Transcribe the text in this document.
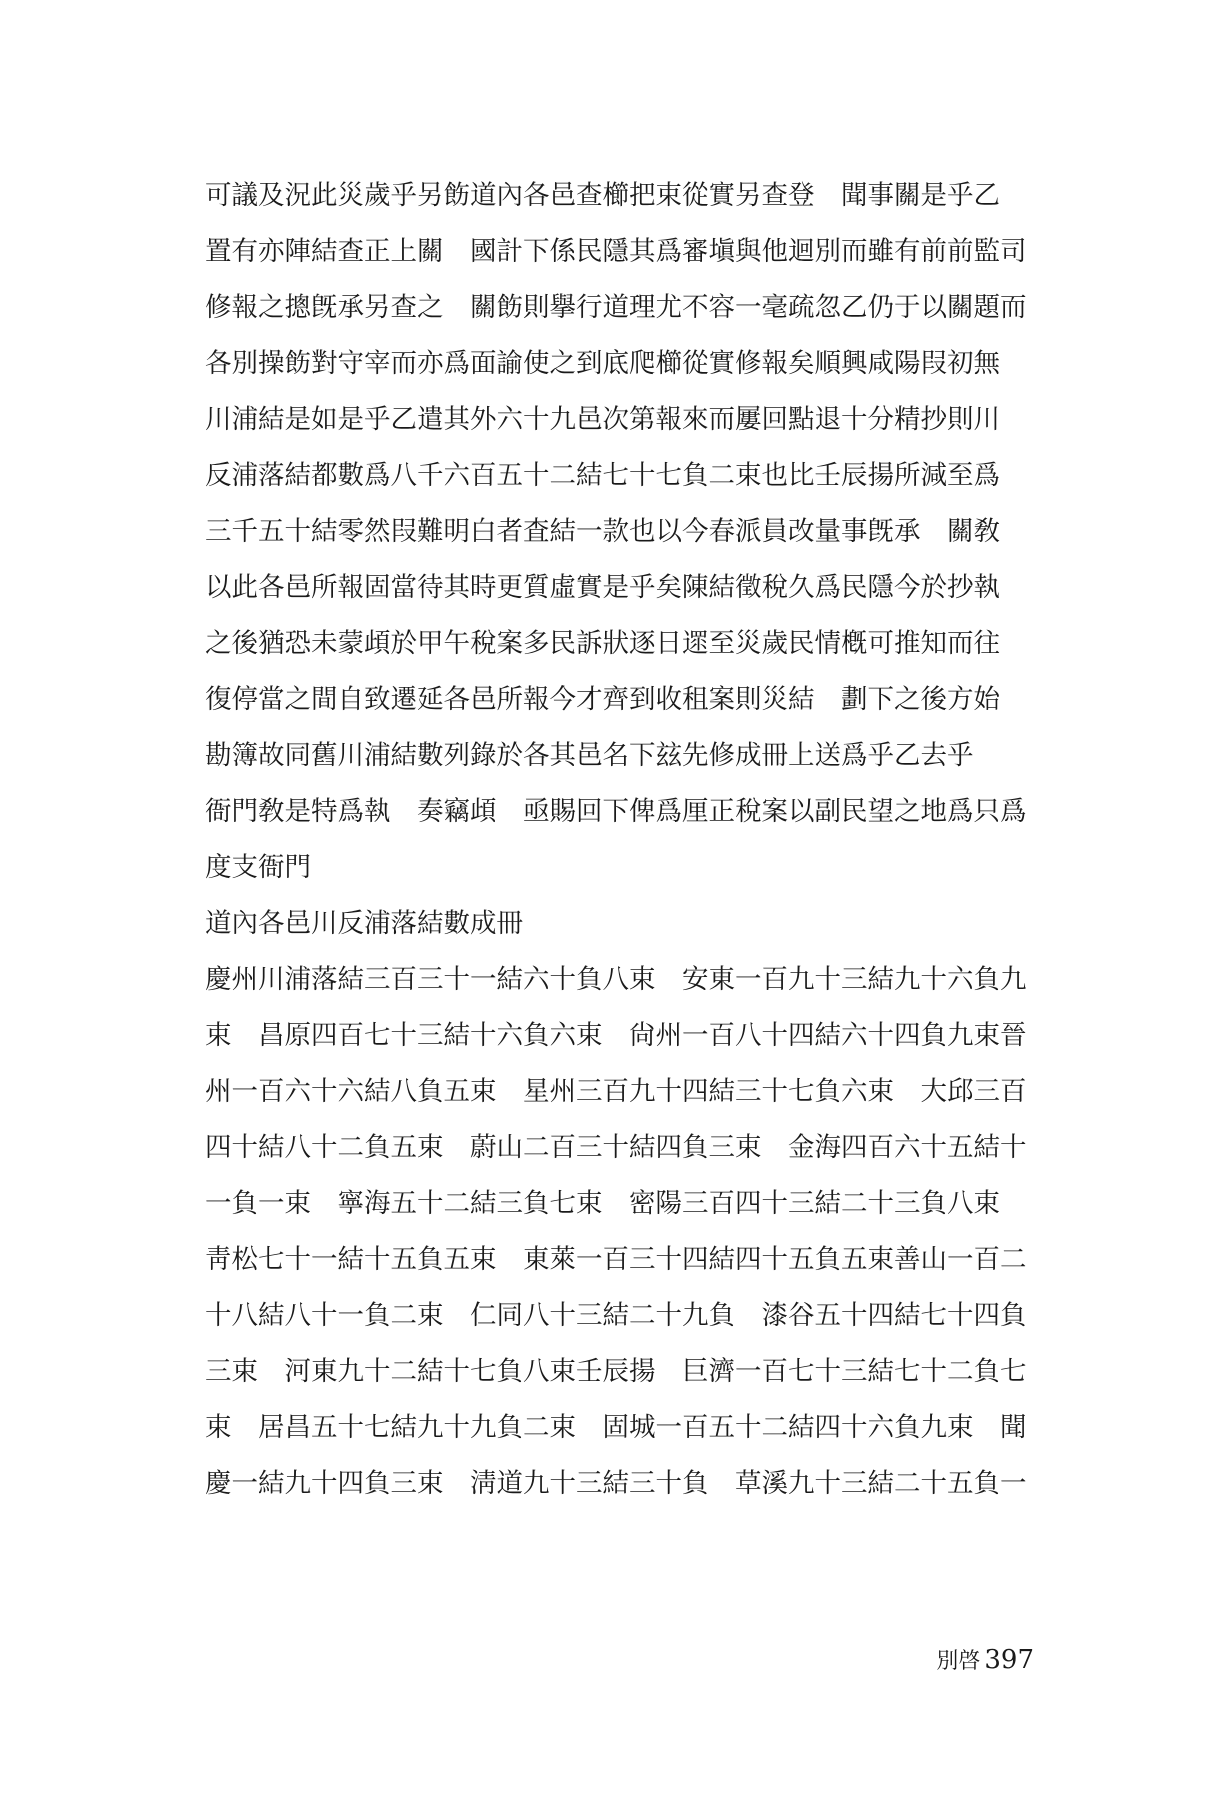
可議及況此災歲乎另飭道內各邑查櫛把束從實另查登　聞事關是乎乙
置有亦陣結查正上關　國計下係民隱其爲審塡與他迴別而雖有前前監司
修報之摠旣承另查之　關飭則擧行道理尤不容一毫疏忽乙仍于以關題而
各別操飭對守宰而亦爲面諭使之到底爬櫛從實修報矣順興咸陽叚初無
川浦結是如是乎乙遣其外六十九邑次第報來而屢回點退十分精抄則川
反浦落結都數爲八千六百五十二結七十七負二束也比壬辰揚所減至爲
三千五十結零然叚難明白者査結一款也以今春派員改量事旣承　關敎
以此各邑所報固當待其時更質虛實是乎矣陳結徵稅久爲民隱今於抄執
之後猶恐未蒙頉於甲午稅案多民訴狀逐日遝至災歲民情槪可推知而往
復停當之間自致遷延各邑所報今才齊到收租案則災結　劃下之後方始
勘簿故同舊川浦結數列錄於各其邑名下玆先修成冊上送爲乎乙去乎
衙門敎是特爲執　奏竊頉　亟賜回下俾爲厘正稅案以副民望之地爲只爲
度支衙門
道內各邑川反浦落結數成冊
慶州川浦落結三百三十一結六十負八束　安東一百九十三結九十六負九
束　昌原四百七十三結十六負六束　尙州一百八十四結六十四負九束晉
州一百六十六結八負五束　星州三百九十四結三十七負六束　大邱三百
四十結八十二負五束　蔚山二百三十結四負三束　金海四百六十五結十
一負一束　寧海五十二結三負七束　密陽三百四十三結二十三負八束
靑松七十一結十五負五束　東萊一百三十四結四十五負五束善山一百二
十八結八十一負二束　仁同八十三結二十九負　漆谷五十四結七十四負
三束　河東九十二結十七負八束壬辰揚　巨濟一百七十三結七十二負七
束　居昌五十七結九十九負二束　固城一百五十二結四十六負九束　聞
慶一結九十四負三束　淸道九十三結三十負　草溪九十三結二十五負一
別啓 397
